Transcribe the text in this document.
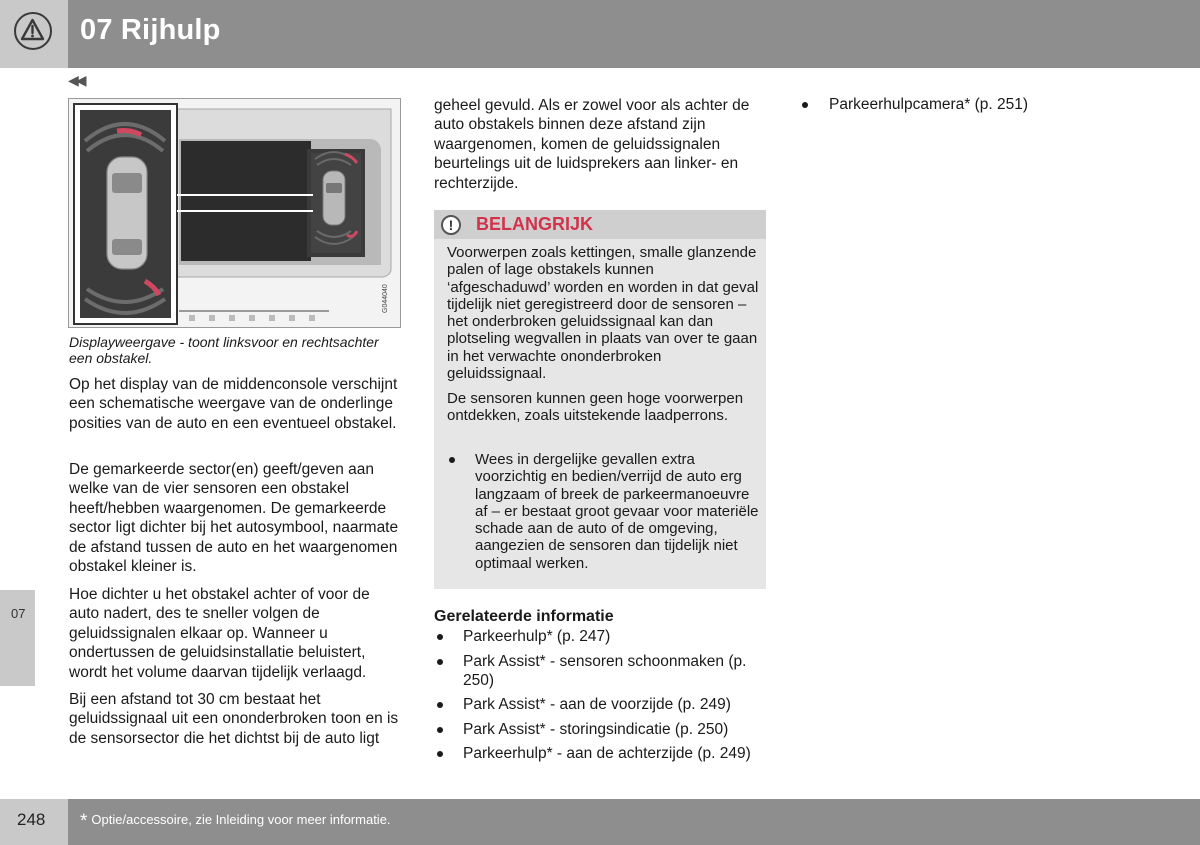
07 Rijhulp
◀◀
07
G044040
Displayweergave - toont linksvoor en rechtsachter een obstakel.
Op het display van de middenconsole verschijnt een schematische weergave van de onderlinge posities van de auto en een eventueel obstakel.
De gemarkeerde sector(en) geeft/geven aan welke van de vier sensoren een obstakel heeft/hebben waargenomen. De gemarkeerde sector ligt dichter bij het autosymbool, naarmate de afstand tussen de auto en het waargenomen obstakel kleiner is.
Hoe dichter u het obstakel achter of voor de auto nadert, des te sneller volgen de geluidssignalen elkaar op. Wanneer u ondertussen de geluidsinstallatie beluistert, wordt het volume daarvan tijdelijk verlaagd.
Bij een afstand tot 30 cm bestaat het geluidssignaal uit een ononderbroken toon en is de sensorsector die het dichtst bij de auto ligt
geheel gevuld. Als er zowel voor als achter de auto obstakels binnen deze afstand zijn waargenomen, komen de geluidssignalen beurtelings uit de luidsprekers aan linker- en rechterzijde.
!	BELANGRIJK
Voorwerpen zoals kettingen, smalle glanzende palen of lage obstakels kunnen ‘afgeschaduwd’ worden en worden in dat geval tijdelijk niet geregistreerd door de sensoren – het onderbroken geluidssignaal kan dan plotseling wegvallen in plaats van over te gaan in het verwachte ononderbroken geluidssignaal.
De sensoren kunnen geen hoge voorwerpen ontdekken, zoals uitstekende laadperrons.
Wees in dergelijke gevallen extra voorzichtig en bedien/verrijd de auto erg langzaam of breek de parkeermanoeuvre af – er bestaat groot gevaar voor materiële schade aan de auto of de omgeving, aangezien de sensoren dan tijdelijk niet optimaal werken.
Gerelateerde informatie
Parkeerhulp* (p. 247)
Park Assist* - sensoren schoonmaken (p. 250)
Park Assist* - aan de voorzijde (p. 249)
Park Assist* - storingsindicatie (p. 250)
Parkeerhulp* - aan de achterzijde (p. 249)
Parkeerhulpcamera* (p. 251)
248 * Optie/accessoire, zie Inleiding voor meer informatie.
